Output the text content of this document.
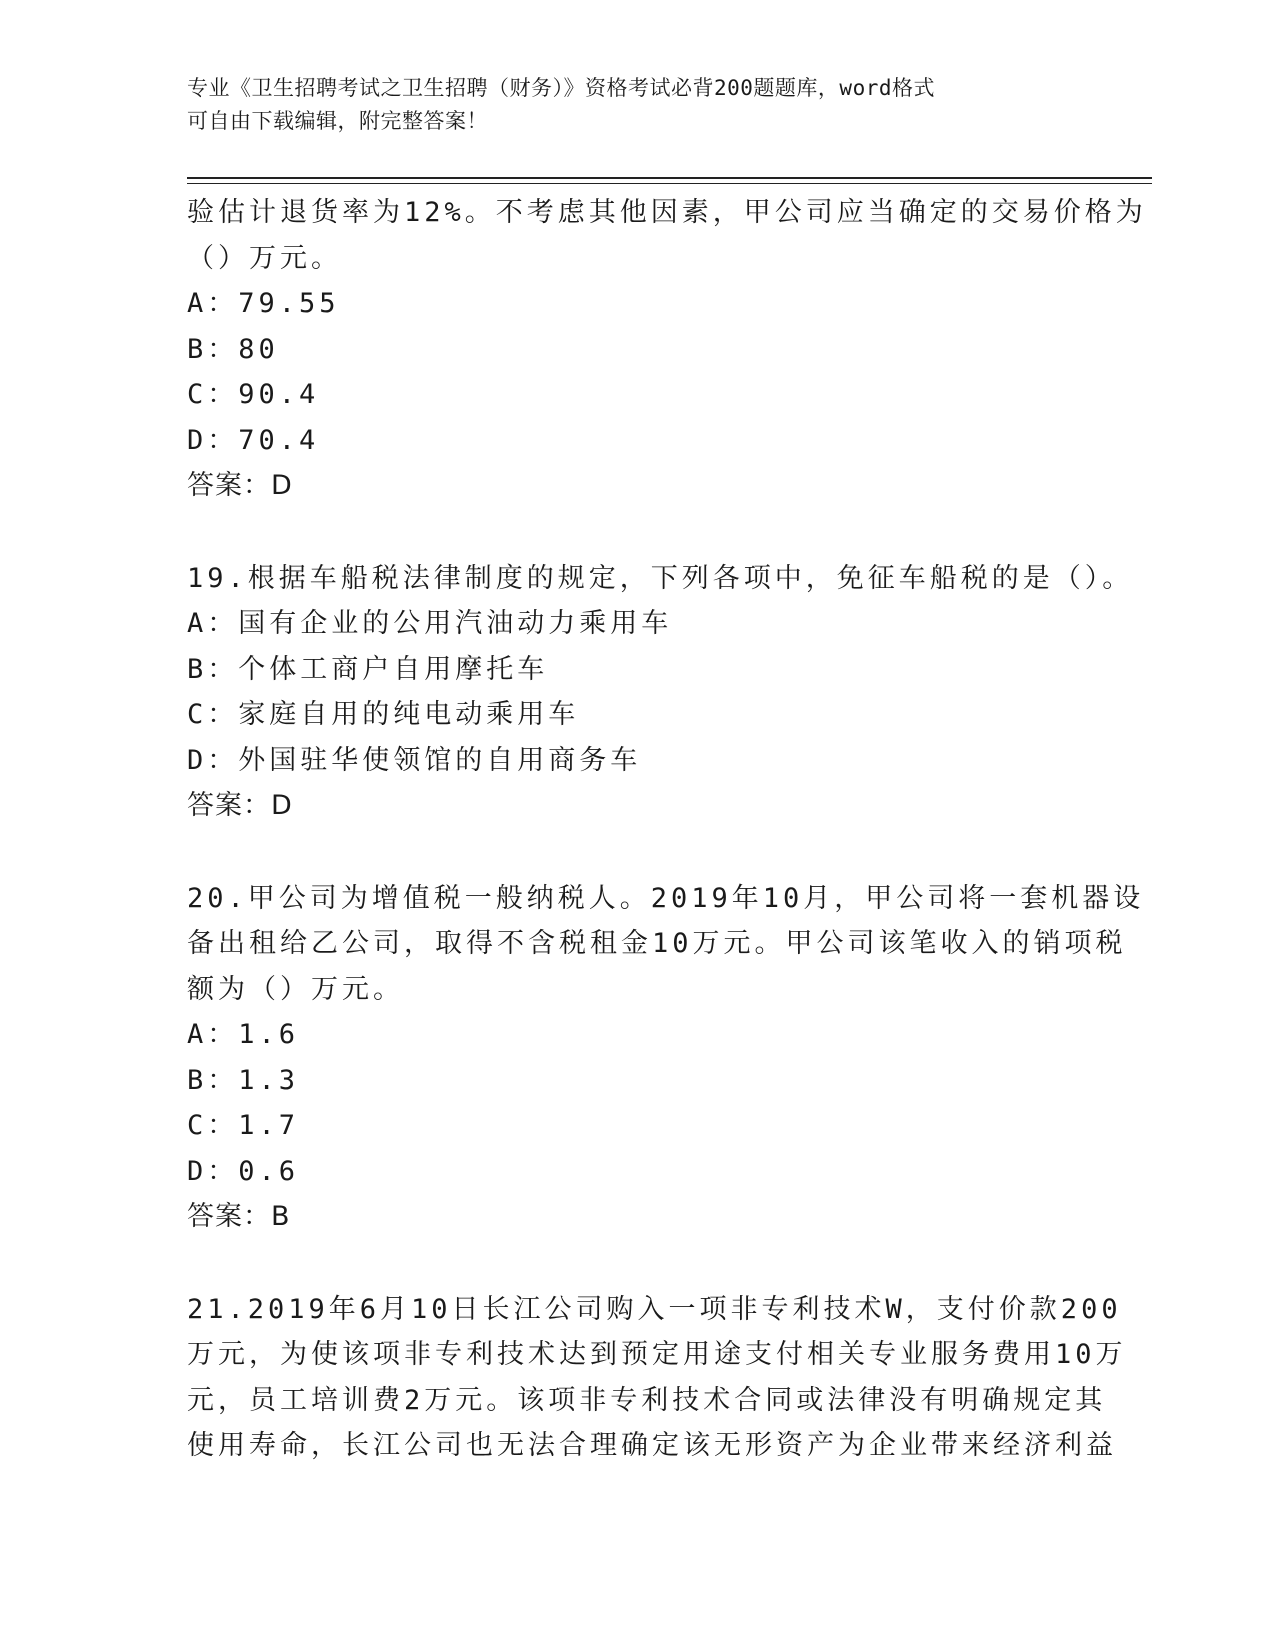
专业《卫生招聘考试之卫生招聘（财务）》资格考试必背200题题库，word格式
可自由下载编辑，附完整答案！
验估计退货率为12%。不考虑其他因素，甲公司应当确定的交易价格为
（）万元。
A：79.55
B：80
C：90.4
D：70.4
答案：D
19.根据车船税法律制度的规定，下列各项中，免征车船税的是（）。
A：国有企业的公用汽油动力乘用车
B：个体工商户自用摩托车
C：家庭自用的纯电动乘用车
D：外国驻华使领馆的自用商务车
答案：D
20.甲公司为增值税一般纳税人。2019年10月，甲公司将一套机器设
备出租给乙公司，取得不含税租金10万元。甲公司该笔收入的销项税
额为（）万元。
A：1.6
B：1.3
C：1.7
D：0.6
答案：B
21.2019年6月10日长江公司购入一项非专利技术W，支付价款200
万元，为使该项非专利技术达到预定用途支付相关专业服务费用10万
元，员工培训费2万元。该项非专利技术合同或法律没有明确规定其
使用寿命，长江公司也无法合理确定该无形资产为企业带来经济利益
